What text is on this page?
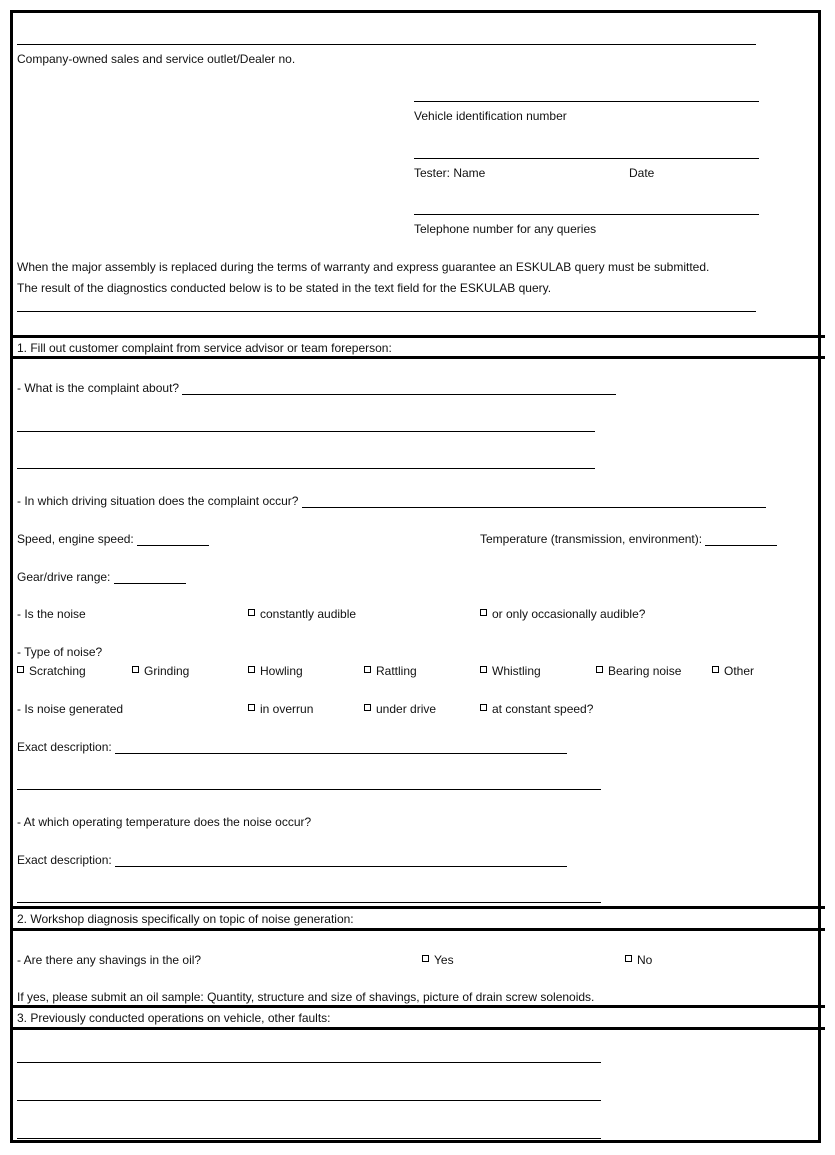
Company-owned sales and service outlet/Dealer no.
Vehicle identification number
Tester: Name	Date
Telephone number for any queries
When the major assembly is replaced during the terms of warranty and express guarantee an ESKULAB query must be submitted.
The result of the diagnostics conducted below is to be stated in the text field for the ESKULAB query.
1. Fill out customer complaint from service advisor or team foreperson:
- What is the complaint about?
- In which driving situation does the complaint occur?
Speed, engine speed:	Temperature (transmission, environment):
Gear/drive range:
- Is the noise	constantly audible	or only occasionally audible?
- Type of noise?
Scratching	Grinding	Howling	Rattling	Whistling	Bearing noise	Other
- Is noise generated	in overrun	under drive	at constant speed?
Exact description:
- At which operating temperature does the noise occur?
Exact description:
2. Workshop diagnosis specifically on topic of noise generation:
- Are there any shavings in the oil?	Yes	No
If yes, please submit an oil sample: Quantity, structure and size of shavings, picture of drain screw solenoids.
3. Previously conducted operations on vehicle, other faults:
